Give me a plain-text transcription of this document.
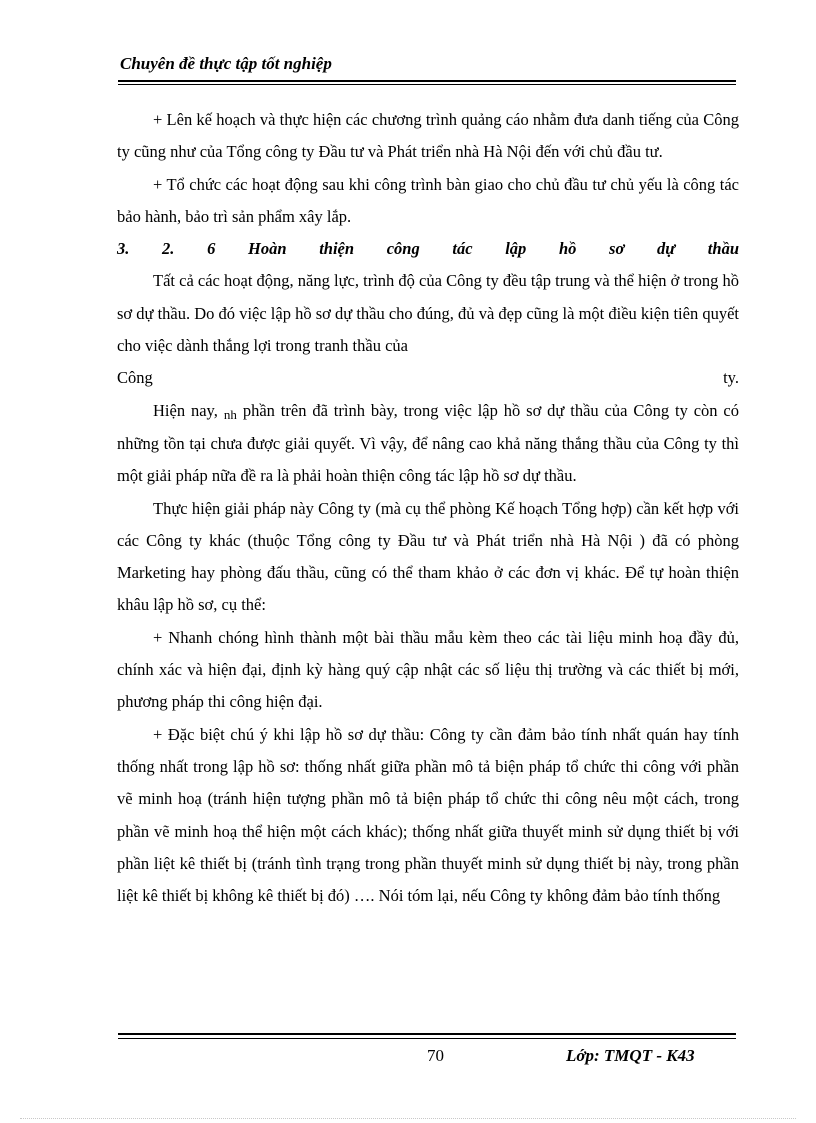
Chuyên đề thực tập tốt nghiệp

+ Lên kế hoạch và thực hiện các chương trình quảng cáo nhằm đưa danh tiếng của Công ty cũng như của Tổng công ty Đầu tư và Phát triển nhà Hà Nội đến với chủ đầu tư.

+ Tổ chức các hoạt động sau khi công trình bàn giao cho chủ đầu tư chủ yếu là công tác bảo hành, bảo trì sản phẩm xây lắp.

3. 2. 6 Hoàn thiện công tác lập hồ sơ dự thầu

Tất cả các hoạt động, năng lực, trình độ của Công ty đều tập trung và thể hiện ở trong hồ sơ dự thầu. Do đó việc lập hồ sơ dự thầu cho đúng, đủ và đẹp cũng là một điều kiện tiên quyết cho việc dành thắng lợi trong tranh thầu của
Công ty.

Hiện nay, nh phần trên đã trình bày, trong việc lập hồ sơ dự thầu của Công ty còn có những tồn tại chưa được giải quyết. Vì vậy, để nâng cao khả năng thắng thầu của Công ty thì một giải pháp nữa đề ra là phải hoàn thiện công tác lập hồ sơ dự thầu.

Thực hiện giải pháp này Công ty (mà cụ thể phòng Kế hoạch Tổng hợp) cần kết hợp với các Công ty khác (thuộc Tổng công ty Đầu tư và Phát triển nhà Hà Nội ) đã có phòng Marketing hay phòng đấu thầu, cũng có thể tham khảo ở các đơn vị khác. Để tự hoàn thiện khâu lập hồ sơ, cụ thể:

+ Nhanh chóng hình thành một bài thầu mẫu kèm theo các tài liệu minh hoạ đầy đủ, chính xác và hiện đại, định kỳ hàng quý cập nhật các số liệu thị trường và các thiết bị mới, phương pháp thi công hiện đại.

+ Đặc biệt chú ý khi lập hồ sơ dự thầu: Công ty cần đảm bảo tính nhất quán hay tính thống nhất trong lập hồ sơ: thống nhất giữa phần mô tả biện pháp tổ chức thi công với phần vẽ minh hoạ (tránh hiện tượng phần mô tả biện pháp tổ chức thi công nêu một cách, trong phần vẽ minh hoạ thể hiện một cách khác); thống nhất giữa thuyết minh sử dụng thiết bị với phần liệt kê thiết bị (tránh tình trạng trong phần thuyết minh sử dụng thiết bị này, trong phần liệt kê thiết bị không kê thiết bị đó) …. Nói tóm lại, nếu Công ty không đảm bảo tính thống

70	Lớp: TMQT - K43
